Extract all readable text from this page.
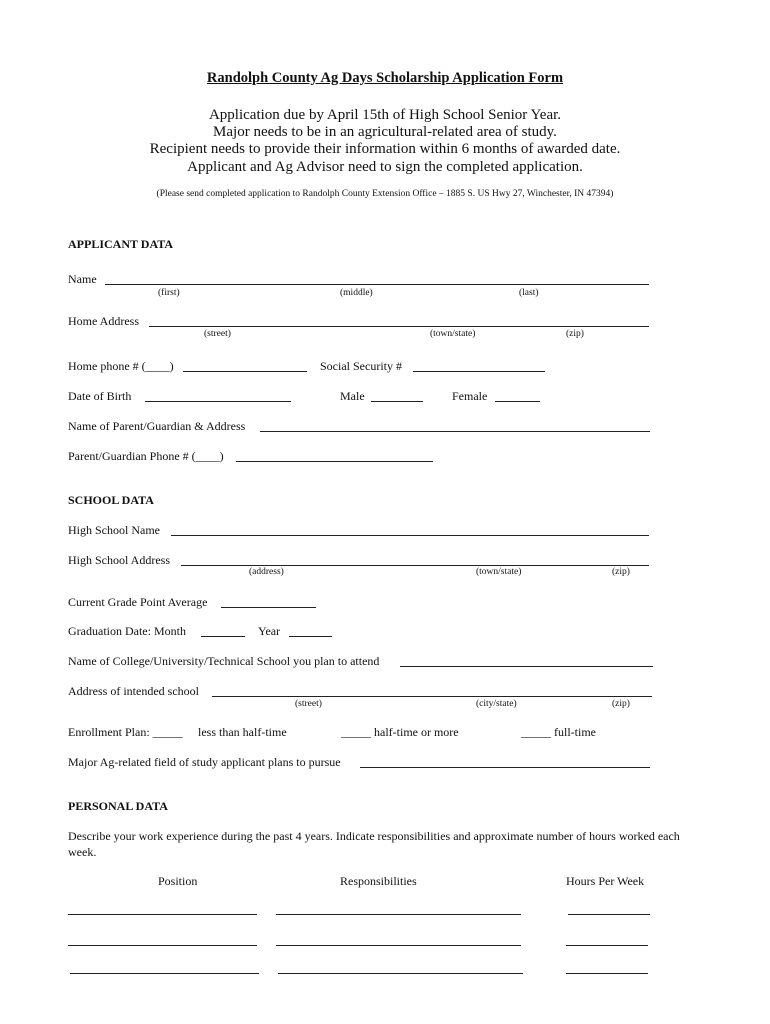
Randolph County Ag Days Scholarship Application Form
Application due by April 15th of High School Senior Year.
Major needs to be in an agricultural-related area of study.
Recipient needs to provide their information within 6 months of awarded date.
Applicant and Ag Advisor need to sign the completed application.
(Please send completed application to Randolph County Extension Office – 1885 S. US Hwy 27, Winchester, IN 47394)
APPLICANT DATA
Name
(first)	(middle)	(last)
Home Address
(street)	(town/state)	(zip)
Home phone # (____)	Social Security #
Date of Birth	Male	Female
Name of Parent/Guardian & Address
Parent/Guardian Phone # (____)
SCHOOL DATA
High School Name
High School Address
(address)	(town/state)	(zip)
Current Grade Point Average
Graduation Date: Month	Year
Name of College/University/Technical School you plan to attend
Address of intended school
(street)	(city/state)	(zip)
Enrollment Plan: _____ less than half-time	_____ half-time or more	_____ full-time
Major Ag-related field of study applicant plans to pursue
PERSONAL DATA
Describe your work experience during the past 4 years. Indicate responsibilities and approximate number of hours worked each week.
Position	Responsibilities	Hours Per Week
